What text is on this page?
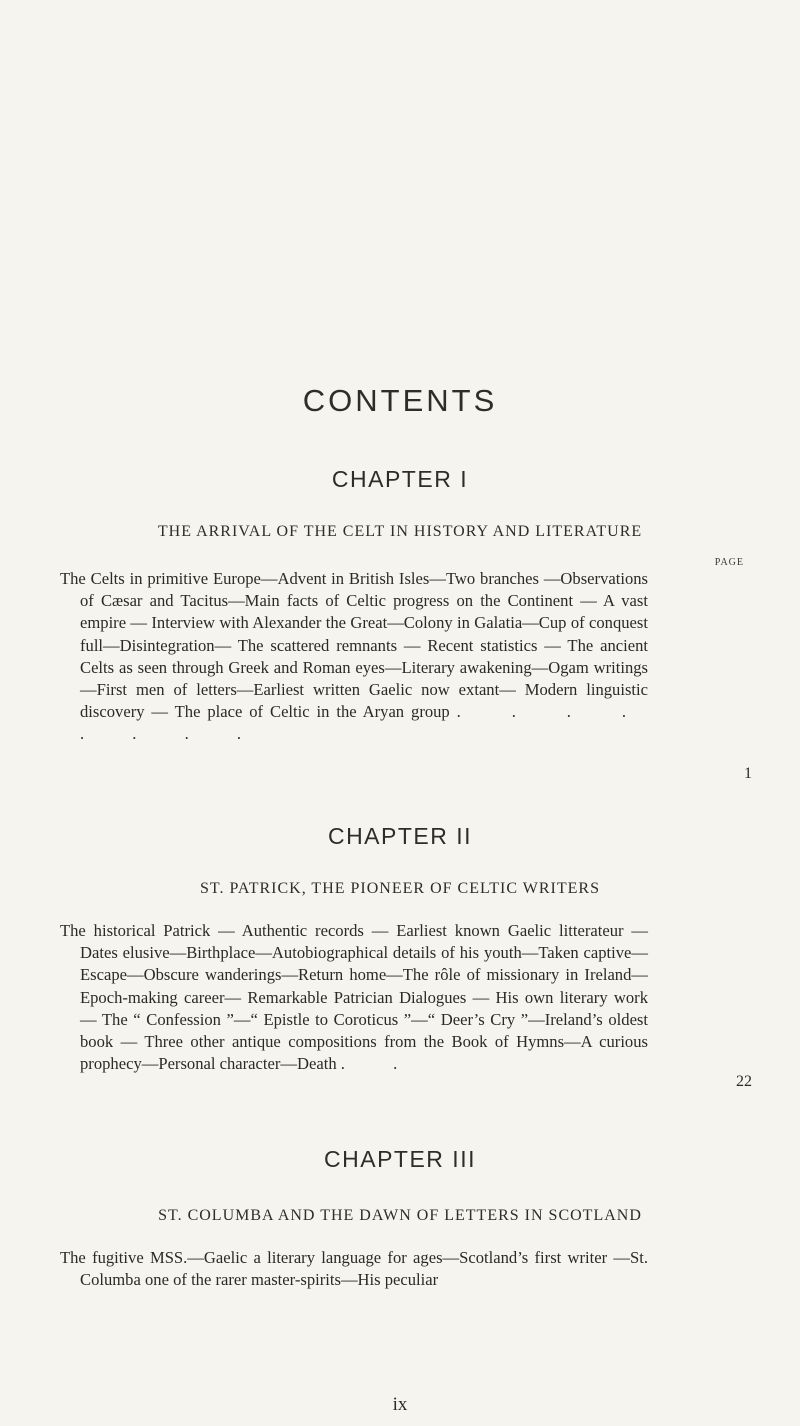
CONTENTS
CHAPTER I
THE ARRIVAL OF THE CELT IN HISTORY AND LITERATURE
PAGE
The Celts in primitive Europe—Advent in British Isles—Two branches —Observations of Cæsar and Tacitus—Main facts of Celtic progress on the Continent — A vast empire — Interview with Alexander the Great—Colony in Galatia—Cup of conquest full—Disintegration— The scattered remnants — Recent statistics — The ancient Celts as seen through Greek and Roman eyes—Literary awakening—Ogam writings—First men of letters—Earliest written Gaelic now extant— Modern linguistic discovery — The place of Celtic in the Aryan group . . . . . . . .
1
CHAPTER II
ST. PATRICK, THE PIONEER OF CELTIC WRITERS
The historical Patrick — Authentic records — Earliest known Gaelic litterateur — Dates elusive—Birthplace—Autobiographical details of his youth—Taken captive—Escape—Obscure wanderings—Return home—The rôle of missionary in Ireland—Epoch-making career— Remarkable Patrician Dialogues — His own literary work — The “ Confession ”—“ Epistle to Coroticus ”—“ Deer’s Cry ”—Ireland’s oldest book — Three other antique compositions from the Book of Hymns—A curious prophecy—Personal character—Death . .
22
CHAPTER III
ST. COLUMBA AND THE DAWN OF LETTERS IN SCOTLAND
The fugitive MSS.—Gaelic a literary language for ages—Scotland’s first writer —St. Columba one of the rarer master-spirits—His peculiar
ix
